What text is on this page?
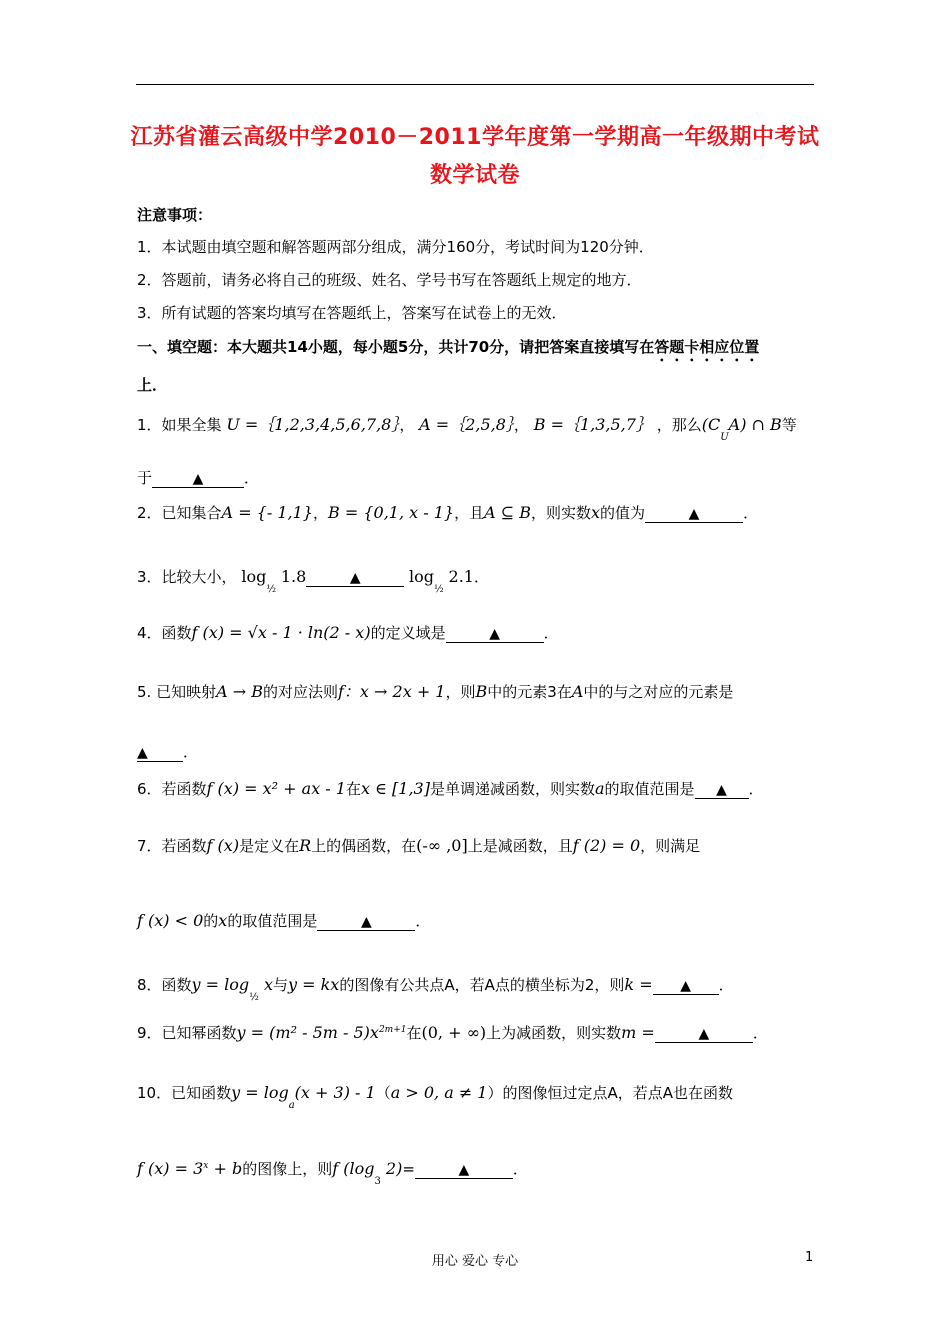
江苏省灌云高级中学2010－2011学年度第一学期高一年级期中考试
数学试卷
注意事项：
1．本试题由填空题和解答题两部分组成，满分160分，考试时间为120分钟．
2．答题前，请务必将自己的班级、姓名、学号书写在答题纸上规定的地方．
3．所有试题的答案均填写在答题纸上，答案写在试卷上的无效．
一、填空题：本大题共14小题，每小题5分，共计70分，请把答案直接填写在答题卡相应位置
上．
1．如果全集 U =｛1,2,3,4,5,6,7,8｝， A =｛2,5,8｝， B =｛1,3,5,7｝ ，那么$(C_UA)$ ∩ B等
于	▲	．
2．已知集合A = {- 1,1}，B = {0,1, x - 1}，且A ⊆ B，则实数x的值为	▲	．
3．比较大小， $\log_{\frac{1}{2}} 1.8$	▲	$\log_{\frac{1}{2}} 2.1$．
4．函数f (x) = √x - 1 · ln(2 - x)的定义域是	▲	．
5. 已知映射A → B的对应法则f：x → 2x + 1，则B中的元素3在A中的与之对应的元素是
▲ ．
6．若函数f (x) = x² + ax - 1在x ∈ [1,3]是单调递减函数，则实数a的取值范围是 ▲ ．
7．若函数f (x)是定义在R上的偶函数，在(-∞ ,0]上是减函数，且f (2) = 0，则满足
f (x) < 0的x的取值范围是	▲	．
8．函数$y = \log_{\frac{1}{2}} x$与y = kx的图像有公共点A，若A点的横坐标为2，则k = ▲ ．
9．已知幂函数$y = (m^2 - 5m - 5)x^{2m+1}$在(0, + ∞)上为减函数，则实数m =	▲	．
10．已知函数$y = \log_a(x + 3) - 1(a > 0$, a ≠ 1）的图像恒过定点A，若点A也在函数
f $(x) = 3^x + b$的图像上，则f ($\log_3$ 2)=	▲	．
用心 爱心 专心	1
